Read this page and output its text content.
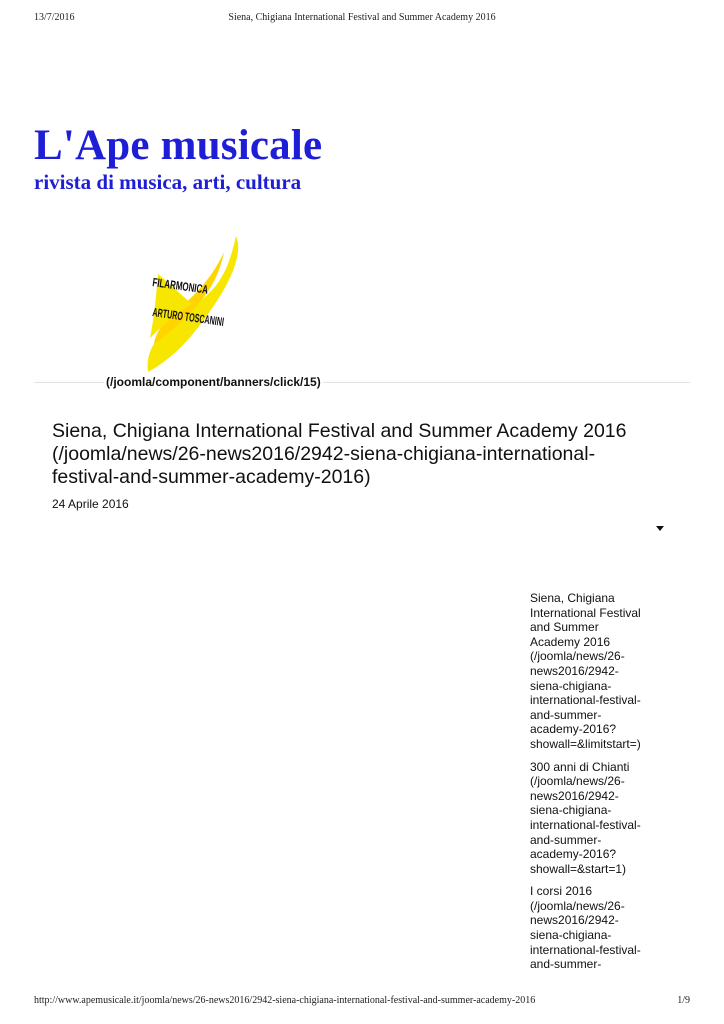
13/7/2016	Siena, Chigiana International Festival and Summer Academy 2016
L'Ape musicale
rivista di musica, arti, cultura
FILARMONICA
ARTURO TOSCANINI
(/joomla/component/banners/click/15)
Siena, Chigiana International Festival and Summer Academy 2016
(/joomla/news/26-news2016/2942-siena-chigiana-international-
festival-and-summer-academy-2016)
24 Aprile 2016
Siena, Chigiana
International Festival
and Summer
Academy 2016
(/joomla/news/26-
news2016/2942-
siena-chigiana-
international-festival-
and-summer-
academy-2016?
showall=&limitstart=)
300 anni di Chianti
(/joomla/news/26-
news2016/2942-
siena-chigiana-
international-festival-
and-summer-
academy-2016?
showall=&start=1)
I corsi 2016
(/joomla/news/26-
news2016/2942-
siena-chigiana-
international-festival-
and-summer-
http://www.apemusicale.it/joomla/news/26-news2016/2942-siena-chigiana-international-festival-and-summer-academy-2016	1/9
